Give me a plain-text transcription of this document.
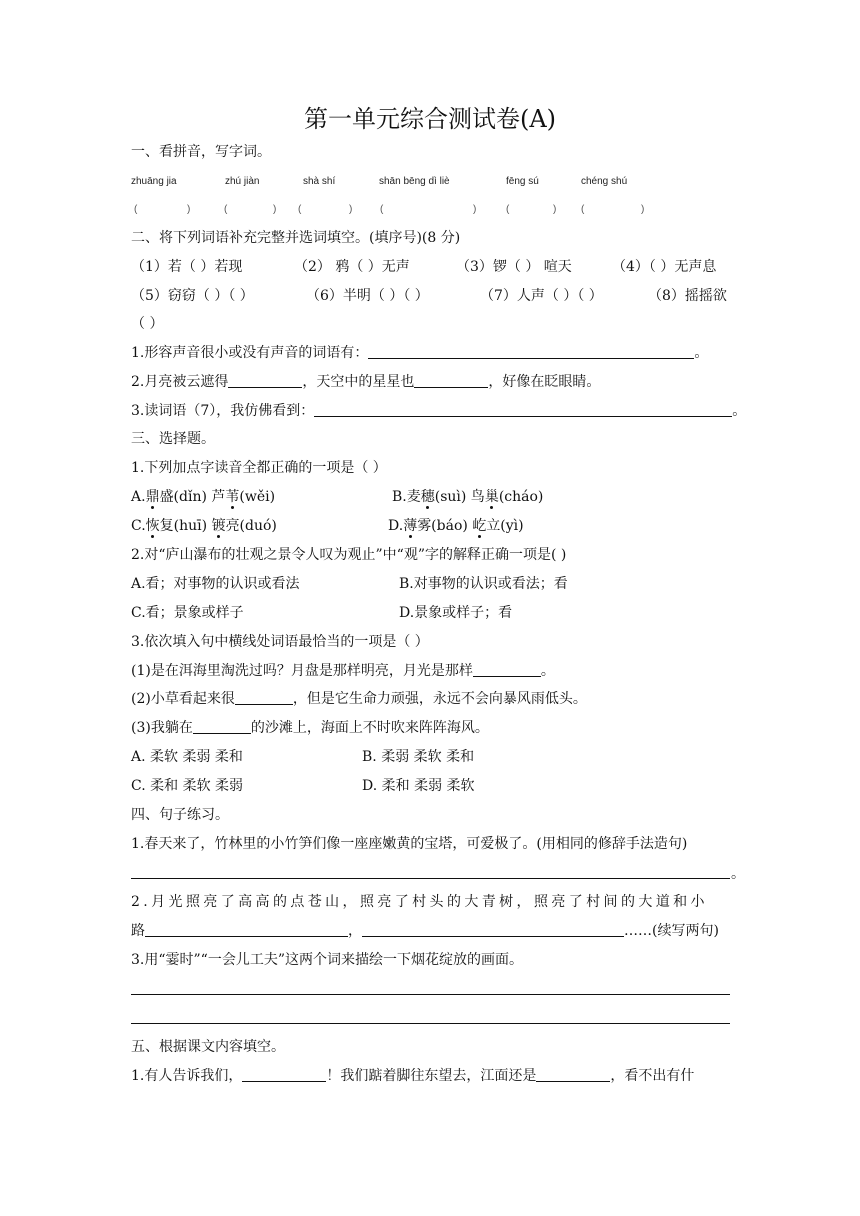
第一单元综合测试卷(A)
一、看拼音，写字词。
zhuāng jia	zhú jiàn	shà shí	shān bēng dì liè	fēng sú	chéng shú
(	)	(	) (	)	(	)	(	) (	)
二、将下列词语补充完整并选词填空。(填序号)(8 分)
（1）若（ ）若现	（2） 鸦（ ）无声	（3）锣（ ） 喧天	（4）（ ）无声息
（5）窃窃（ ）（ ）	（6）半明（ ）（ ）	（7）人声（ ）（ ）	（8）摇摇欲
（ ）
1.形容声音很小或没有声音的词语有：	。
2.月亮被云遮得	，天空中的星星也	，好像在眨眼睛。
3.读词语（7），我仿佛看到：	。
三、选择题。
1.下列加点字读音全都正确的一项是（ ）
A.鼎盛(dǐn) 芦苇(wěi)	B.麦穗(suì) 鸟巢(cháo)
C.恢复(huī) 镀亮(duó)	D.薄雾(báo) 屹立(yì)
2.对“庐山瀑布的壮观之景令人叹为观止”中“观”字的解释正确一项是( )
A.看；对事物的认识或看法	B.对事物的认识或看法；看
C.看；景象或样子	D.景象或样子；看
3.依次填入句中横线处词语最恰当的一项是（ ）
(1)是在洱海里淘洗过吗？月盘是那样明亮，月光是那样	。
(2)小草看起来很	，但是它生命力顽强，永远不会向暴风雨低头。
(3)我躺在	的沙滩上，海面上不时吹来阵阵海风。
A. 柔软 柔弱 柔和	B. 柔弱 柔软 柔和
C. 柔和 柔软 柔弱	D. 柔和 柔弱 柔软
四、句子练习。
1.春天来了，竹林里的小竹笋们像一座座嫩黄的宝塔，可爱极了。(用相同的修辞手法造句)
。
2.月光照亮了高高的点苍山，照亮了村头的大青树，照亮了村间的大道和小
路	，	……(续写两句)
3.用“霎时”“一会儿工夫”这两个词来描绘一下烟花绽放的画面。
五、根据课文内容填空。
1.有人告诉我们，	！我们踮着脚往东望去，江面还是	，看不出有什
